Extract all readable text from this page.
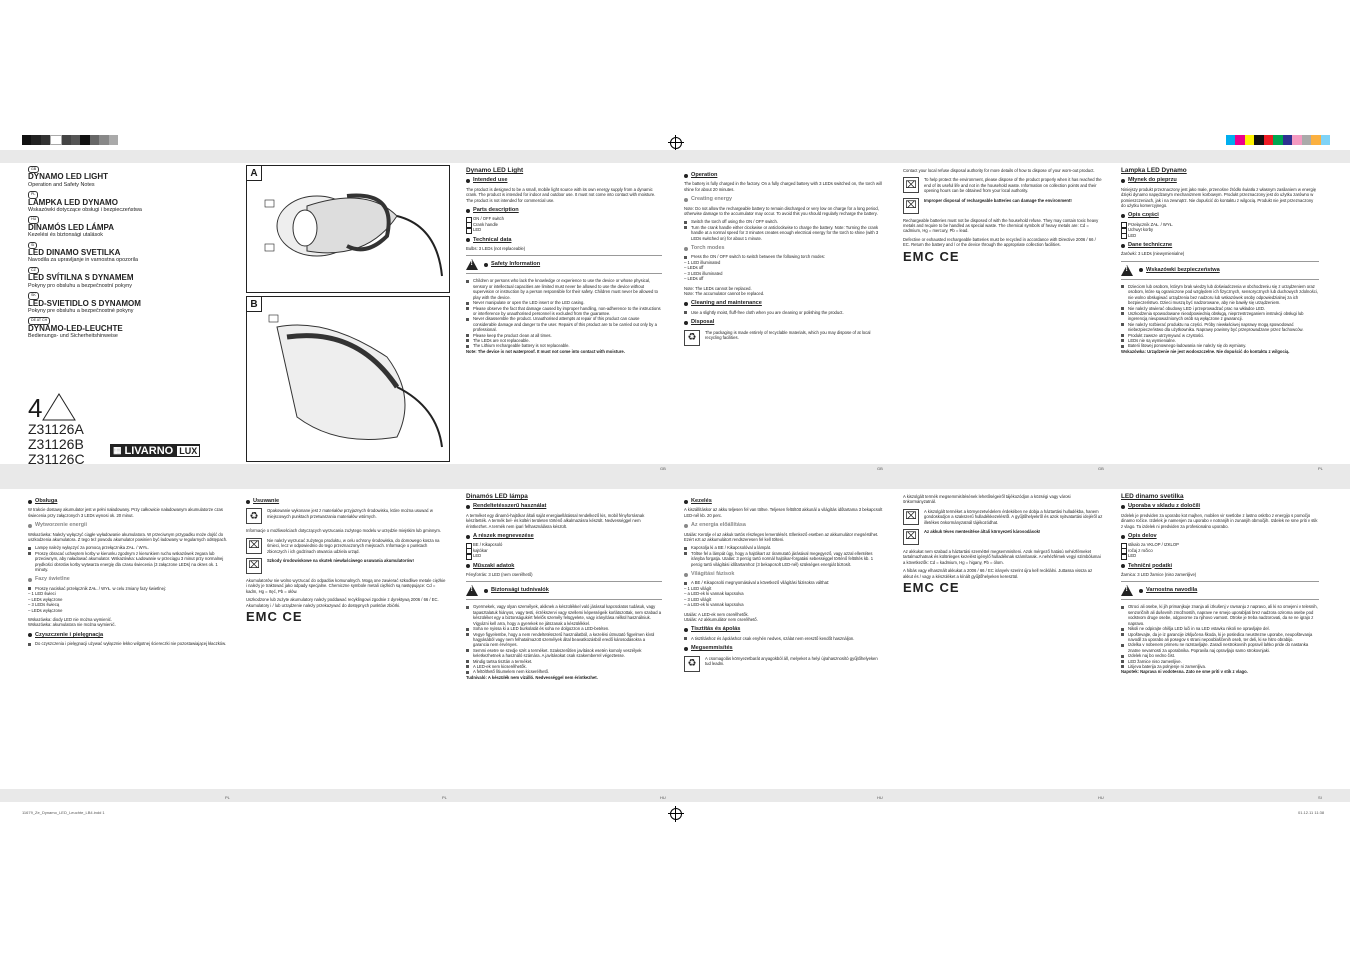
GB	GB	GB	PL
PL	PL	HU	HU	HU	SI
GB

DYNAMO LED LIGHT

Operation and Safety Notes

PL

LAMPKA LED DYNAMO

Wskazówki dotyczące obsługi i bezpieczeństwa

HU

DINAMÓS LED LÁMPA

Kezelési és biztonsági utalások

SI

LED DINAMO SVETILKA

Navodila za upravljanje in varnostna opozorila

CZ

LED SVÍTILNA S DYNAMEM

Pokyny pro obsluhu a bezpečnostní pokyny

SK

LED-SVIETIDLO S DYNAMOM

Pokyny pre obsluhu a bezpečnostné pokyny

DE AT CH

DYNAMO-LED-LEUCHTE

Bedienungs- und Sicherheitshinweise

4
Z31126A
Z31126B
Z31126C
▦ LIVARNO LUX
A
B
Dynamo LED Light
Intended use

The product is designed to be a small, mobile light source with its own energy supply from a dynamic crank. The product is intended for indoor and outdoor use. It must not come into contact with moisture. The product is not intended for commercial use.

Parts description
ON / OFF switch
Crank handle
LED
Technical data

Bulbs: 3 LEDs (not replaceable)

!
Safety Information
Children or persons who lack the knowledge or experience to use the device or whose physical, sensory or intellectual capacities are limited must never be allowed to use the device without supervision or instruction by a person responsible for their safety. Children must never be allowed to play with the device.
Never manipulate or open the LED insert or the LED casing.
Please observe the fact that damage caused by improper handling, non-adherence to the instructions or interference by unauthorised personnel is excluded from the guarantee.
Never disassemble the product. Unauthorised attempts at repair of this product can cause considerable damage and danger to the user. Repairs of this product are to be carried out only by a professional.
Please keep the product clean at all times.
The LEDs are not replaceable.
The Lithium rechargeable battery is not replaceable.

Note: The device is not waterproof. It must not come into contact with moisture.

Operation

The battery is fully charged in the factory. On a fully charged battery with 3 LEDs switched on, the torch will shine for about 20 minutes.

Creating energy

Note: Do not allow the rechargeable battery to remain discharged or very low on charge for a long period, otherwise damage to the accumulator may occur. To avoid this you should regularly recharge the battery.

Switch the torch off using the ON / OFF switch.
Turn the crank handle either clockwise or anticlockwise to charge the battery. Note: Turning the crank handle at a normal speed for 3 minutes creates enough electrical energy for the torch to shine (with 3 LEDs switched on) for about 1 minute.
Torch modes
Press the ON / OFF switch to switch between the following torch modes:
– 1 LED illuminated
– LEDs off
– 3 LEDs illuminated
– LEDs off

Note: The LEDs cannot be replaced.

Note: The accumulator cannot be replaced.

Cleaning and maintenance
Use a slightly moist, fluff-free cloth when you are cleaning or polishing the product.
Disposal
♻	The packaging is made entirely of recyclable materials, which you may dispose of at local recycling facilities.

Contact your local refuse disposal authority for more details of how to dispose of your worn-out product.

⌧	To help protect the environment, please dispose of the product properly when it has reached the end of its useful life and not in the household waste. Information on collection points and their opening hours can be obtained from your local authority.
⌧	Improper disposal of rechargeable batteries can damage the environment!

Rechargeable batteries must not be disposed of with the household refuse. They may contain toxic heavy metals and require to be handled as special waste. The chemical symbols of heavy metals are: Cd = cadmium, Hg = mercury, Pb = lead.

Defective or exhausted rechargeable batteries must be recycled in accordance with Directive 2006 / 66 / EC. Return the battery and / or the device through the appropriate collection facilities.

EMC CE
Lampka LED Dynamo
Młynek do pieprzu

Niniejszy produkt przeznaczony jest jako małe, przenośne źródło światła z własnym zasilaniem w energię dzięki dynamo napędzanym mechanizmem korbowym. Produkt przeznaczony jest do użytku zarówno w pomieszczeniach, jak i na zewnątrz. Nie dopuścić do kontaktu z wilgocią. Produkt nie jest przeznaczony do użytku komercyjnego.

Opis części
Przełącznik ZAŁ. / WYŁ.
Uchwyt korby
LED
Dane techniczne

Żarówki: 3 LEDs (niewymienialne)

!
Wskazówki bezpieczeństwa
Dzieciom lub osobom, którym brak wiedzy lub doświadczenia w obchodzeniu się z urządzeniem oraz osobom, które są ograniczone pod względem ich fizycznych, sensorycznych lub duchowych zdolności, nie wolno obsługiwać urządzenia bez nadzoru lub wskazówek osoby odpowiedzialnej za ich bezpieczeństwo. Dzieci muszą być nadzorowane, aby nie bawiły się urządzeniem.
Nie należy otwierać obudowy LED i przeprowadzać prac na wkładce LED.
Uszkodzenia spowodowane nieodpowiednią obsługą, nieprzestrzeganiem instrukcji obsługi lub ingerencją nieupoważnionych osób są wyłączone z gwarancji.
Nie należy rozbierać produktu na części. Próby niewłaściwej naprawy mogą spowodować niebezpieczeństwo dla użytkownika. Naprawy powinny być przeprowadzane przez fachowców.
Produkt zawsze utrzymywać w czystości.
LEDs nie są wymienialne.
Baterii litowej ponownego ładowania nie należy się do wymiany.

Wskazówka: Urządzenie nie jest wodoszczelne. Nie dopuścić do kontaktu z wilgocią.

Obsługa

W trakcie dostawy akumulator jest w pełni naładowany. Przy całkowicie naładowanym akumulatorze czas świecenia przy załączonych 3 LEDs wynosi ok. 20 minut.

Wytworzenie energii

Wskazówka: Należy wyłączyć ciągłe wyładowanie akumulatora. W przeciwnym przypadku może dojść do uszkodzenia akumulatora. Z tego też powodu akumulator powinien być ładowany w regularnych odstępach.

Lampę należy wyłączyć za pomocą przełącznika ZAŁ. / WYŁ.
Proszę obracać uchwytem korby w kierunku zgodnym z kierunkiem ruchu wskazówek zegara lub przeciwnym, aby naładować akumulator. Wskazówka: Ładowanie w przeciągu 3 minut przy normalnej prędkości obrotów korby wytwarza energię dla czasu świecenia (3 załączone LEDs) na okres ok. 1 minuty.
Fazy świetlne
Proszę naciskać przełącznik ZAŁ. / WYŁ. w celu zmiany fazy świetlnej:
– 1 LED świeci
– LEDs wyłączone
– 3 LEDs świecą
– LEDs wyłączone

Wskazówka: diody LED nie można wymienić.

Wskazówka: akumulatora nie można wymienić.

Czyszczenie i pielęgnacja
Do czyszczenia i pielęgnacji używać wyłącznie lekko wilgotnej ściereczki nie pozostawiającej kłaczków.
Usuwanie
♻	Opakowanie wykonane jest z materiałów przyjaznych środowisku, które można usuwać w miejscowych punktach przetwarzania materiałów wtórnych.

Informacje o możliwościach dotyczących wyrzucania zużytego modelu w urzędzie miejskim lub gminnym.

⌧	Nie należy wyrzucać zużytego produktu, w celu ochrony środowiska, do domowego kosza na śmieci, lecz w odpowiednio do tego przeznaczonych miejscach. Informacje o punktach zbiorczych i ich godzinach otwarcia udziela urząd.
⌧	Szkody środowiskowe na skutek niewłaściwego usuwania akumulatorów!

Akumulatorów nie wolno wyrzucać do odpadów komunalnych. Mogą one zawierać szkodliwe metale ciężkie i należy je traktować jako odpady specjalne. Chemiczne symbole metali ciężkich są następujące: Cd = kadm, Hg = rtęć, Pb = ołów.

Uszkodzone lub zużyte akumulatory należy poddawać recyklingowi zgodnie z dyrektywą 2006 / 66 / EC. Akumulatory i / lub urządzenie należy przekazywać do dostępnych punktów zbiórki.

EMC CE
Dinamós LED lámpa
Rendeltetésszerű használat

A terméket egy dinamó-hajtókar általi saját energiaellátással rendelkező kis, mobil fényforrásnak készítették. A termék bel- és kültéri területen történő alkalmazásra készült. Nedvességgel nem érintkezhet. A termék nem ipari felhasználásra készült.

A részek megnevezése
BE / Kikapcsoló
kajtókar
LED
Műszaki adatok

Fényforrás: 3 LED (nem cserélhető)

!
Biztonsági tudnivalók
Gyermekek, vagy olyan személyek, akiknek a készülékkel való járással kapcsolatos tudásuk, vagy tapasztalatuk hiányos, vagy testi, érzékszervi vagy szellemi képességeik korlátozottak, nem szabad a készüléket egy a biztonságukért felelős személy felügyelete, vagy irányítása nélkül használniuk. Vigyázni kell arra, hogy a gyerekek ne játszanak a készülékkel.
Soha ne nyissa ki a LED burkolatát és soha ne dolgozzon a LED-betéten.
Vegye figyelembe, hogy a nem rendeltetésszerű használatból, a kezelési útmutató figyelmen kívül hagyásából vagy nem felhatalmazott személyek által beavatkozásból eredő károsodásokra a garancia nem érvényes.
Semmi esetre se szedje szét a terméket. Szakszerűtlen javítások esetén komoly veszélyek keletkezhetnek a használó számára. A javításokat csak szakemberrel végeztesse.
Mindig tartsa tisztán a terméket.
A LED-ek nem kicserélhetők.
A feltölthető lítiumelem nem kicserélhető.

Tudnivaló: A készülék nem vízálló. Nedvességgel nem érintkezhet.

Kezelés

A kiszállításkor az akku teljesen fel van töltve. Teljesen feltöltött akkunál a világítás időtartama 3 bekapcsolt LED-nél kb. 20 perc.

Az energia előállítása

Utalás: Kerülje el az akkuk tartós részleges lemerülését. Ellenkező esetben az akkumulátor megsérülhet. Ezért ezt az akkumulátort rendszeresen fel kell tölteni.

Kapcsolja ki a BE / Kikapcsolóval a lámpát.
Töltse fel a lámpát úgy, hogy a hajtókart az óramutató járásával megegyező, vagy azzal ellentétes irányba forgatja. Utalás: 3 percig tartó normál hajtókar-forgatási sebességgel történő feltöltés kb. 1 percig tartó világítási időtartamhoz (3 bekapcsolt LED-nél) szükséges energiát biztosít.
Világítási fázisok
A BE / Kikapcsoló megnyomásával a következő világítási fázisokra válthat:
– 1 LED világít
– a LED-ek ki vannak kapcsolva
– 3 LED világít
– a LED-ek ki vannak kapcsolva

Utalás: A LED-ek nem cserélhetők.

Utalás: Az akkumulátor nem cserélhető.

Tisztítás és ápolás
A tisztításhoz és ápoláshoz csak enyhén nedves, szálat nem eresztő kendőt használjon.
Megsemmisítés
♻	A csomagolás környezetbarát anyagokból áll, melyeket a helyi újrahasznosító gyűjtőhelyeken tud leadni.

A kiszolgált termék megsemmisítésének lehetőségeiről tájékozódjon a községi vagy városi önkormányzatnál.

⌧	A kiszolgált terméket a környezetvédelem érdekében ne dobja a háztartási hulladékba, hanem gondoskodjon a szakszerű hulladékkezelésről. A gyűjtőhelyekről és azok nyitvatartási idejéről az illetékes önkormányzatnál tájékozódhat.
⌧	Az akkuk téves mentesítése általi környezeti károsodások!

Az akkukat nem szabad a háztartási szeméttel megsemmisíteni. Azok mérgező hatású nehézfémeket tartalmazhatnak és különleges kezelést igénylő hulladéknak számítanak. A nehézfémek vegyi szimbólumai a következők: Cd = kadmium, Hg = higany, Pb = ólom.

A hibás vagy elhasznált akkukat a 2006 / 66 / EC irányelv szerint újra kell reciklálni. Juttassa vissza az akkut és / vagy a készüléket a kínált gyűjtőhelyeken keresztül.

EMC CE
LED dinamo svetilka
Uporaba v skladu z določili

Izdelek je predviden za uporabo kot majhen, mobilen vir svetlobe z lastno oskrbo z energijo s pomočjo dinamo ročice. Izdelek je namenjen za uporabo v notranjih in zunanjih območjih. Izdelek ne sme priti v stik z vlago. Ta izdelek ni predviden za profesionalno uporabo.

Opis delov
stikalo za VKLOP / IZKLOP
ročaj z ročico
LED
Tehnični podatki

Žarnica: 3 LED žarnice (niso zamenljive)

!
Varnostna navodila
Otroci ali osebe, ki jih primanjkuje znanja ali izkušenj v ravnanju z napravo, ali ki so omejeni v telesnih, senzoričnih ali duševnih zmožnostih, naprave ne smejo uporabljati brez nadzora oziroma osebe pod vodstvom druge osebe, odgovorne za njihovo varnost. Otroke je treba nadzorovati, da se ne igrajo z napravo.
Nikoli ne odpirajte ohišja LED luči in na LED vstavku nikoli ne opravljajte del.
Upoštevajte, da je iz garancije izključena škoda, ki je posledica neustrezne uporabe, neupoštevanja navodil za uporabo ali posegov s strani nepooblaščenih oseb, ter deli, ki se hitro obrabijo.
Izdelka v nobenem primeru ne razstavljajte. Zaradi nestrokovnih popravil lahko pride do nastanka znatne nevarnosti za uporabnika. Popravila naj opravljajo samo strokovnjaki.
Izdelek naj bo vedno čist.
LED žarnice niso zamenljive.
Litijeva baterija za polnjenje ni zamenljiva.

Napotek: Naprava ni vodotesna. Zato ne sme priti v stik z vlago.

11679_Ze_Dynamo_LED_Leuchte_LB4.indd 1	01.12.11 11:38
